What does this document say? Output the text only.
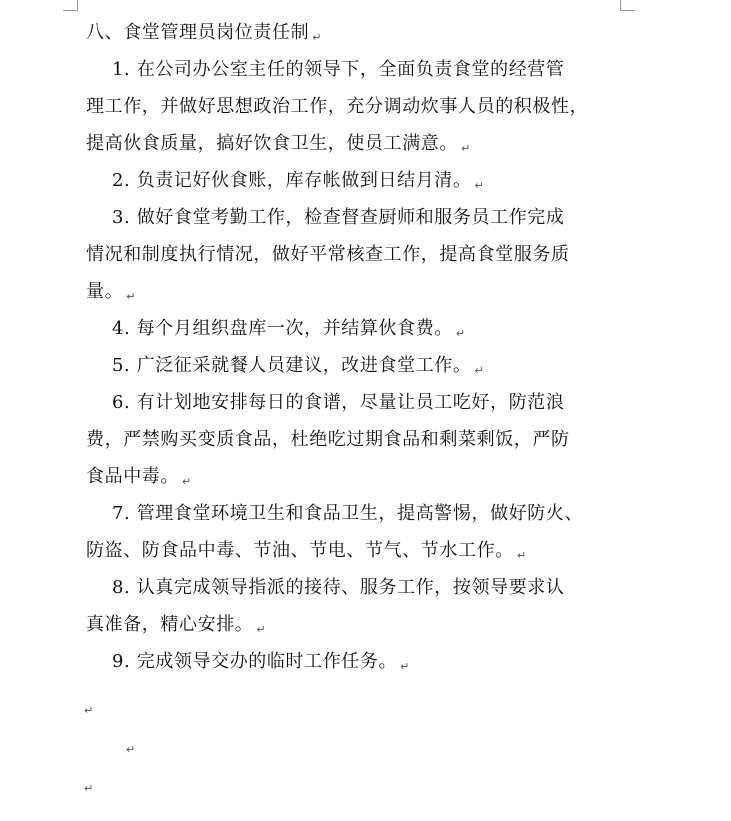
八、食堂管理员岗位责任制 ↵
1. 在公司办公室主任的领导下，全面负责食堂的经营管
理工作，并做好思想政治工作，充分调动炊事人员的积极性，
提高伙食质量，搞好饮食卫生，使员工满意。 ↵
2. 负责记好伙食账，库存帐做到日结月清。 ↵
3. 做好食堂考勤工作，检查督查厨师和服务员工作完成
情况和制度执行情况，做好平常核查工作，提高食堂服务质
量。 ↵
4. 每个月组织盘库一次，并结算伙食费。 ↵
5. 广泛征采就餐人员建议，改进食堂工作。 ↵
6. 有计划地安排每日的食谱，尽量让员工吃好，防范浪
费，严禁购买变质食品，杜绝吃过期食品和剩菜剩饭，严防
食品中毒。 ↵
7. 管理食堂环境卫生和食品卫生，提高警惕，做好防火、
防盗、防食品中毒、节油、节电、节气、节水工作。 ↵
8. 认真完成领导指派的接待、服务工作，按领导要求认
真准备，精心安排。 ↵
9. 完成领导交办的临时工作任务。 ↵
↵
↵
↵
